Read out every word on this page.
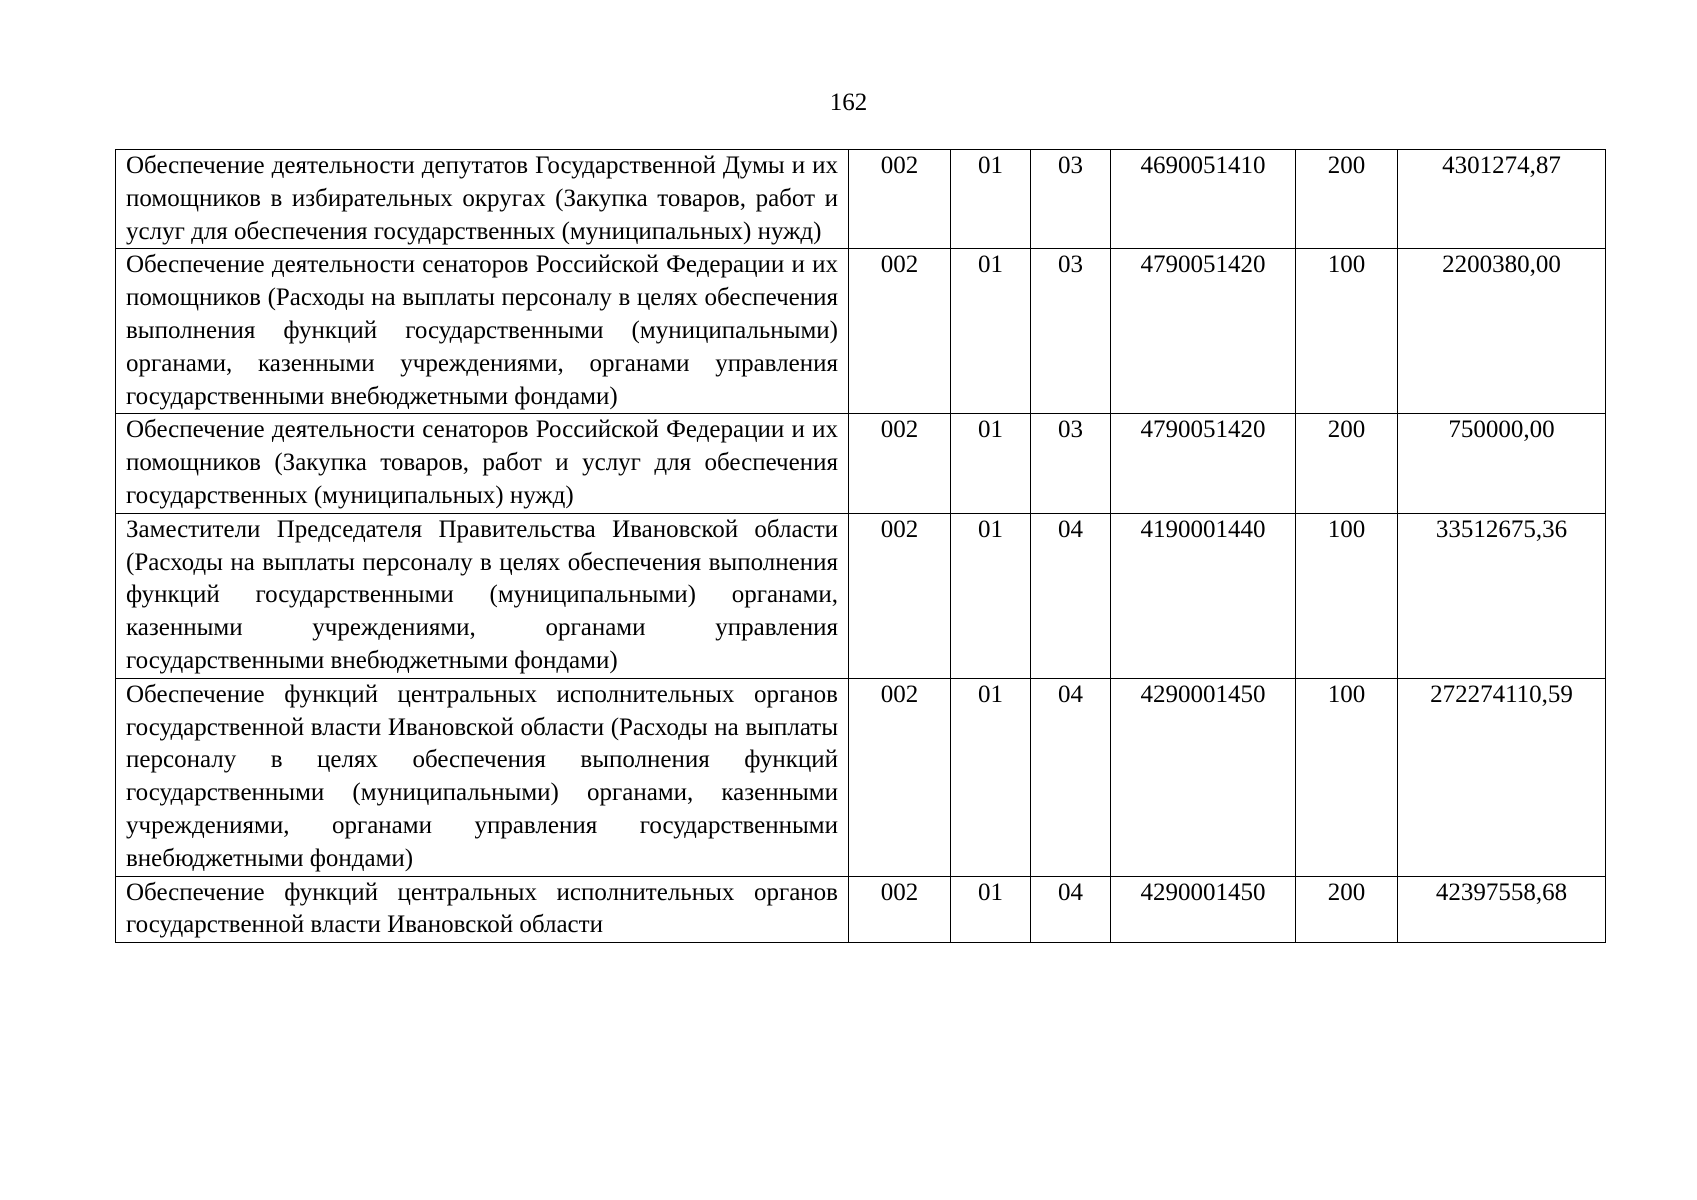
162
Обеспечение деятельности депутатов Государственной Думы и их помощников в избирательных округах (Закупка товаров, работ и услуг для обеспечения государственных (муниципальных) нужд)	002	01	03	4690051410	200	4301274,87
Обеспечение деятельности сенаторов Российской Федерации и их помощников (Расходы на выплаты персоналу в целях обеспечения выполнения функций государственными (муниципальными) органами, казенными учреждениями, органами управления государственными внебюджетными фондами)	002	01	03	4790051420	100	2200380,00
Обеспечение деятельности сенаторов Российской Федерации и их помощников (Закупка товаров, работ и услуг для обеспечения государственных (муниципальных) нужд)	002	01	03	4790051420	200	750000,00
Заместители Председателя Правительства Ивановской области (Расходы на выплаты персоналу в целях обеспечения выполнения функций государственными (муниципальными) органами, казенными учреждениями, органами управления государственными внебюджетными фондами)	002	01	04	4190001440	100	33512675,36
Обеспечение функций центральных исполнительных органов государственной власти Ивановской области (Расходы на выплаты персоналу в целях обеспечения выполнения функций государственными (муниципальными) органами, казенными учреждениями, органами управления государственными внебюджетными фондами)	002	01	04	4290001450	100	272274110,59
Обеспечение функций центральных исполнительных органов государственной власти Ивановской области	002	01	04	4290001450	200	42397558,68
